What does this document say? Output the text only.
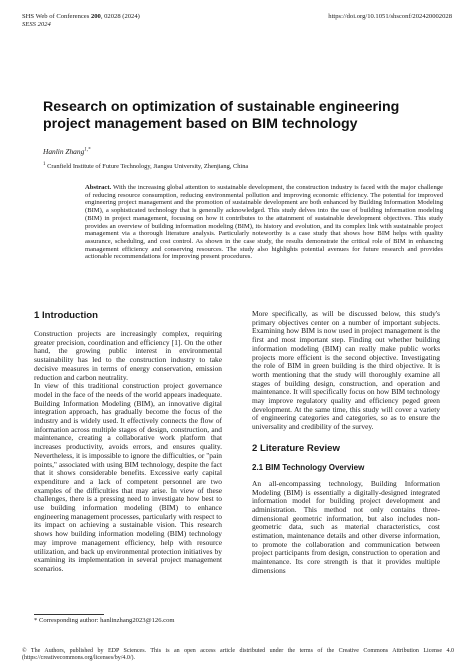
SHS Web of Conferences 200, 02028 (2024)
SESS 2024
https://doi.org/10.1051/shsconf/202420002028
Research on optimization of sustainable engineering project management based on BIM technology
Hanlin Zhang$^{1,*}$
$^1$ Cranfield Institute of Future Technology, Jiangsu University, Zhenjiang, China
Abstract. With the increasing global attention to sustainable development, the construction industry is faced with the major challenge of reducing resource consumption, reducing environmental pollution and improving economic efficiency. The potential for improved engineering project management and the promotion of sustainable development are both enhanced by Building Information Modeling (BIM), a sophisticated technology that is generally acknowledged. This study delves into the use of building information modeling (BIM) in project management, focusing on how it contributes to the attainment of sustainable development objectives. This study provides an overview of building information modeling (BIM), its history and evolution, and its complex link with sustainable project management via a thorough literature analysis. Particularly noteworthy is a case study that shows how BIM helps with quality assurance, scheduling, and cost control. As shown in the case study, the results demonstrate the critical role of BIM in enhancing management efficiency and conserving resources. The study also highlights potential avenues for future research and provides actionable recommendations for improving present procedures.
1 Introduction

Construction projects are increasingly complex, requiring greater precision, coordination and efficiency [1]. On the other hand, the growing public interest in environmental sustainability has led to the construction industry to take decisive measures in terms of energy conservation, emission reduction and carbon neutrality.

In view of this traditional construction project governance model in the face of the needs of the world appears inadequate. Building Information Modeling (BIM), an innovative digital integration approach, has gradually become the focus of the industry and is widely used. It effectively connects the flow of information across multiple stages of design, construction, and maintenance, creating a collaborative work platform that increases productivity, avoids errors, and ensures quality. Nevertheless, it is impossible to ignore the difficulties, or "pain points," associated with using BIM technology, despite the fact that it shows considerable benefits. Excessive early capital expenditure and a lack of competent personnel are two examples of the difficulties that may arise. In view of these challenges, there is a pressing need to investigate how best to use building information modeling (BIM) to enhance engineering management processes, particularly with respect to its impact on achieving a sustainable vision. This research shows how building information modeling (BIM) technology may improve management efficiency, help with resource utilization, and back up environmental protection initiatives by examining its implementation in several project management scenarios.

More specifically, as will be discussed below, this study's primary objectives center on a number of important subjects. Examining how BIM is now used in project management is the first and most important step. Finding out whether building information modeling (BIM) can really make public works projects more efficient is the second objective. Investigating the role of BIM in green building is the third objective. It is worth mentioning that the study will thoroughly examine all stages of building design, construction, and operation and maintenance. It will specifically focus on how BIM technology may improve regulatory quality and efficiency peged green development. At the same time, this study will cover a variety of engineering categories and categories, so as to ensure the universality and credibility of the survey.

2 Literature Review
2.1 BIM Technology Overview

An all-encompassing technology, Building Information Modeling (BIM) is essentially a digitally-designed integrated information model for building project development and administration. This method not only contains three-dimensional geometric information, but also includes non-geometric data, such as material characteristics, cost estimation, maintenance details and other diverse information, to promote the collaboration and communication between project participants from design, construction to operation and maintenance. Its core strength is that it provides multiple dimensions

* Corresponding author: hanlinzhang2023@126.com
© The Authors, published by EDP Sciences. This is an open access article distributed under the terms of the Creative Commons Attribution License 4.0 (https://creativecommons.org/licenses/by/4.0/).
